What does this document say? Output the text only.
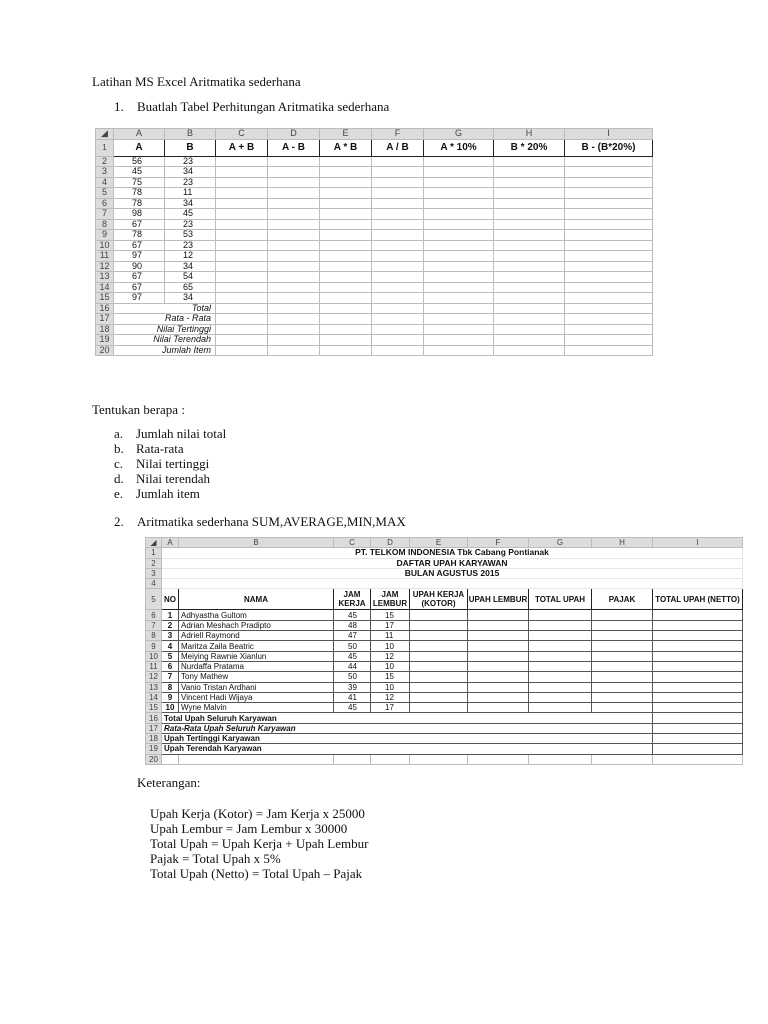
Latihan MS Excel Aritmatika sederhana
1. Buatlah Tabel Perhitungan Aritmatika sederhana
◢	A	B	C	D	E	F	G	H	I
1	A	B	A + B	A - B	A * B	A / B	A * 10%	B * 20%	B - (B*20%)
2	56	23							
3	45	34							
4	75	23							
5	78	11							
6	78	34							
7	98	45							
8	67	23							
9	78	53							
10	67	23							
11	97	12							
12	90	34							
13	67	54							
14	67	65							
15	97	34							
16	Total								
17	Rata - Rata								
18	Nilai Tertinggi								
19	Nilai Terendah								
20	Jumlah Item								
Tentukan berapa :
a. Jumlah nilai total
b. Rata-rata
c. Nilai tertinggi
d. Nilai terendah
e. Jumlah item
2. Aritmatika sederhana SUM,AVERAGE,MIN,MAX
◢	A	B	C	D	E	F	G	H	I
1	PT. TELKOM INDONESIA Tbk Cabang Pontianak								
2	DAFTAR UPAH KARYAWAN								
3	BULAN AGUSTUS 2015								
4									
5	NO	NAMA	JAM KERJA	JAM LEMBUR	UPAH KERJA (KOTOR)	UPAH LEMBUR	TOTAL UPAH	PAJAK	TOTAL UPAH (NETTO)
6	1	Adhyastha Gultom	45	15					
7	2	Adrian Meshach Pradipto	48	17					
8	3	Adriell Raymond	47	11					
9	4	Maritza Zaila Beatric	50	10					
10	5	Meiying Rawnie Xianlun	45	12					
11	6	Nurdaffa Pratama	44	10					
12	7	Tony Mathew	50	15					
13	8	Vanio Tristan Ardhani	39	10					
14	9	Vincent Hadi Wijaya	41	12					
15	10	Wyne Malvin	45	17					
16	Total Upah Seluruh Karyawan								
17	Rata-Rata Upah Seluruh Karyawan								
18	Upah Tertinggi Karyawan								
19	Upah Terendah Karyawan								
20									
Keterangan:
Upah Kerja (Kotor) = Jam Kerja x 25000
Upah Lembur = Jam Lembur x 30000
Total Upah = Upah Kerja + Upah Lembur
Pajak = Total Upah x 5%
Total Upah (Netto) = Total Upah – Pajak
